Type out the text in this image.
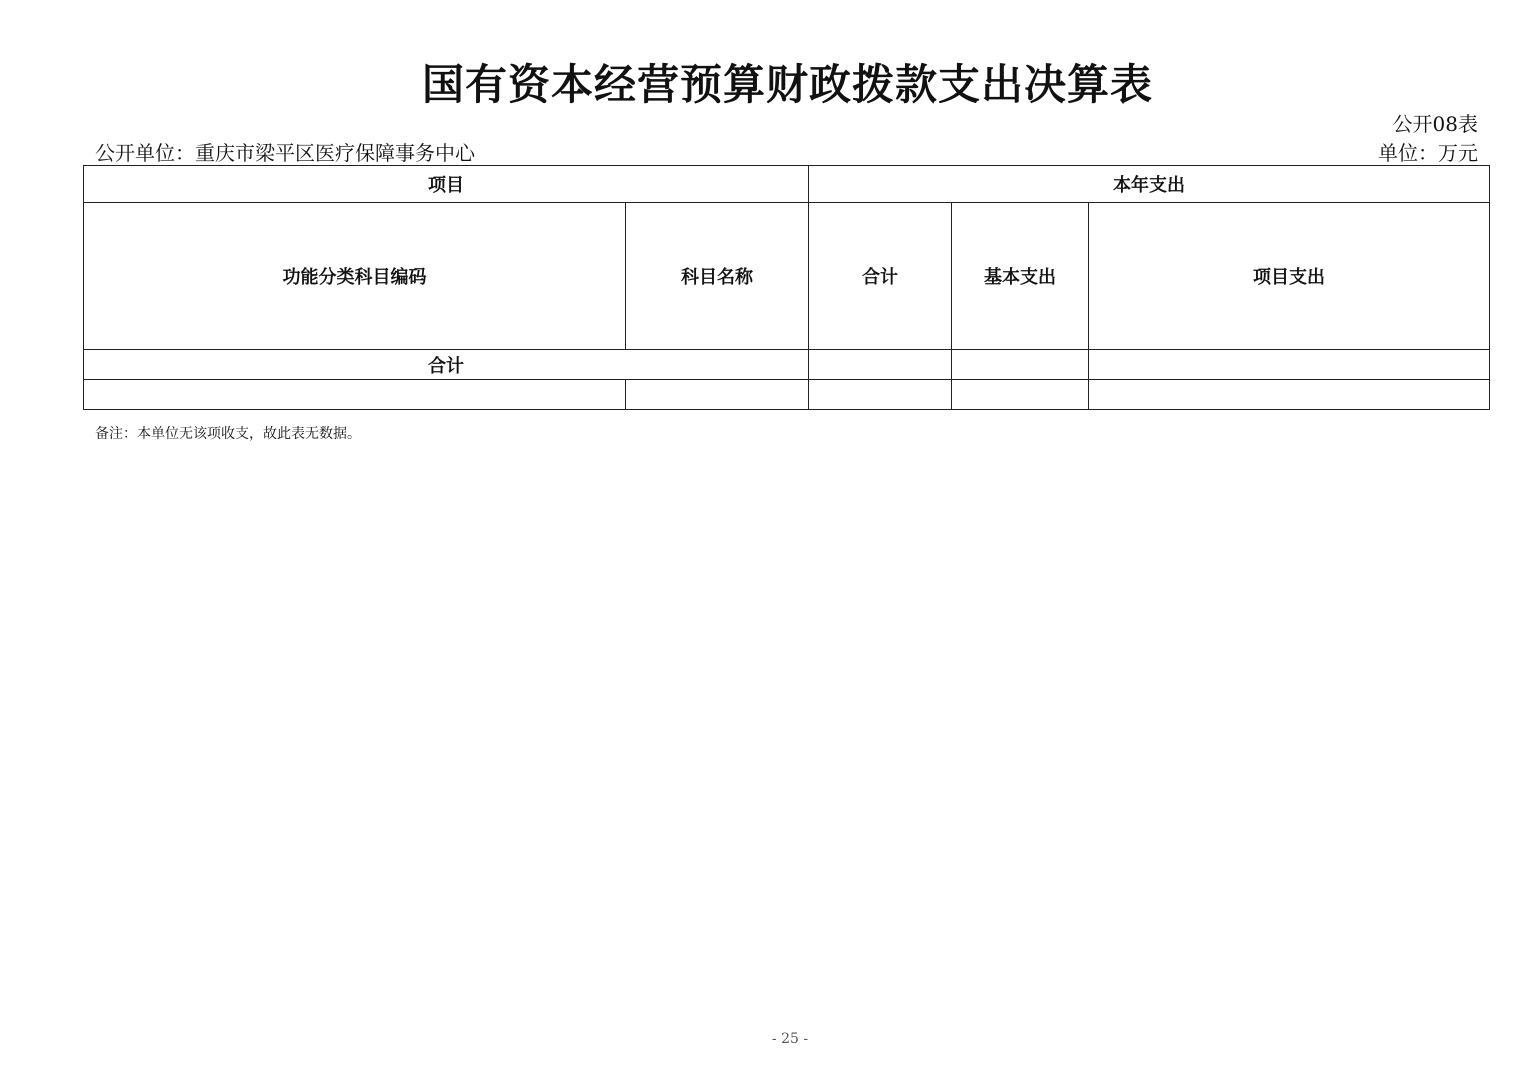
国有资本经营预算财政拨款支出决算表
公开08表
公开单位：重庆市梁平区医疗保障事务中心	单位：万元
项目		本年支出		
功能分类科目编码	科目名称	合计	基本支出	项目支出
合计				

备注：本单位无该项收支，故此表无数据。
- 25 -
